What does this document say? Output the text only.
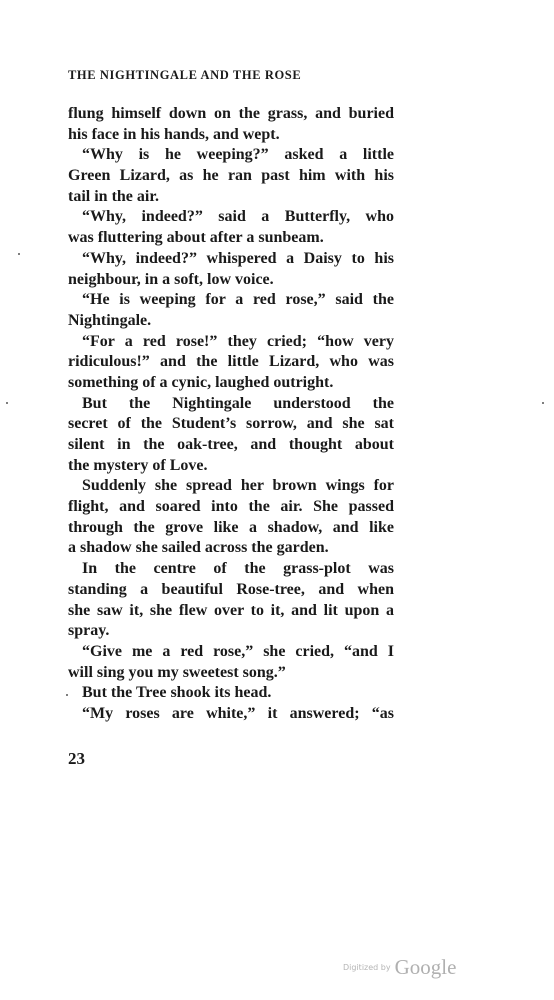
THE NIGHTINGALE AND THE ROSE
flung himself down on the grass, and buried
his face in his hands, and wept.
“Why is he weeping?” asked a little
Green Lizard, as he ran past him with his
tail in the air.
“Why, indeed?” said a Butterfly, who
was fluttering about after a sunbeam.
“Why, indeed?” whispered a Daisy to his
neighbour, in a soft, low voice.
“He is weeping for a red rose,” said the
Nightingale.
“For a red rose!” they cried; “how very
ridiculous!” and the little Lizard, who was
something of a cynic, laughed outright.
But the Nightingale understood the
secret of the Student’s sorrow, and she sat
silent in the oak-tree, and thought about
the mystery of Love.
Suddenly she spread her brown wings for
flight, and soared into the air. She passed
through the grove like a shadow, and like
a shadow she sailed across the garden.
In the centre of the grass-plot was
standing a beautiful Rose-tree, and when
she saw it, she flew over to it, and lit upon a
spray.
“Give me a red rose,” she cried, “and I
will sing you my sweetest song.”
But the Tree shook its head.
“My roses are white,” it answered; “as
23
Digitized by Google
